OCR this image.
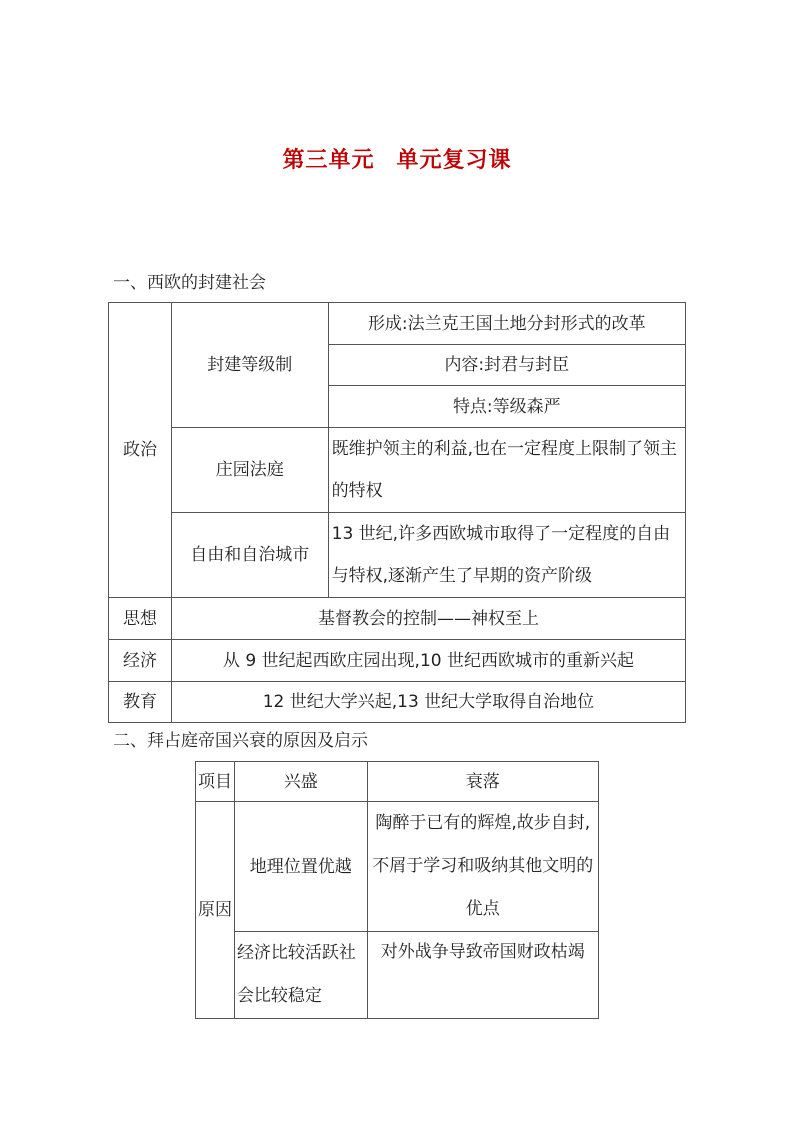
第三单元 单元复习课
一、西欧的封建社会
政治	封建等级制	形成:法兰克王国土地分封形式的改革
		内容:封君与封臣
		特点:等级森严
	庄园法庭	既维护领主的利益,也在一定程度上限制了领主的特权
	自由和自治城市	13 世纪,许多西欧城市取得了一定程度的自由与特权,逐渐产生了早期的资产阶级
思想	基督教会的控制——神权至上	
经济	从 9 世纪起西欧庄园出现,10 世纪西欧城市的重新兴起	
教育	12 世纪大学兴起,13 世纪大学取得自治地位	
二、拜占庭帝国兴衰的原因及启示
项目	兴盛	衰落
原因	地理位置优越	陶醉于已有的辉煌,故步自封,不屑于学习和吸纳其他文明的优点
	经济比较活跃社会比较稳定	对外战争导致帝国财政枯竭
